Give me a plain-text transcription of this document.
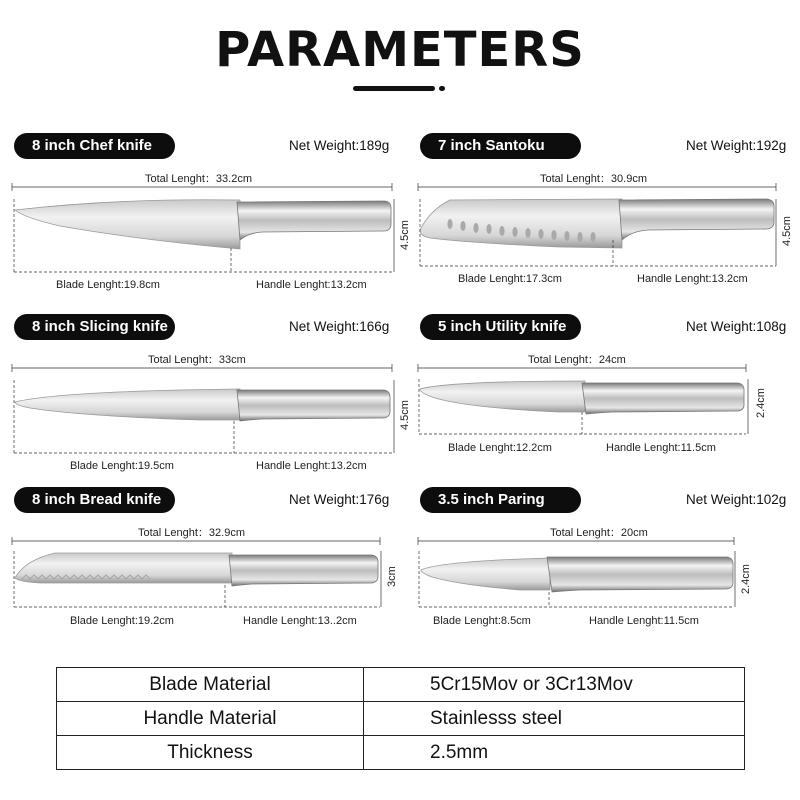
PARAMETERS
8 inch Chef knife	Net Weight:189g
Total Lenght：33.2cm
Blade Lenght:19.8cm	Handle Lenght:13.2cm
4.5cm
7 inch Santoku knife
Net Weight:192g
Total Lenght：30.9cm
Blade Lenght:17.3cm	Handle Lenght:13.2cm
4.5cm
8 inch Slicing knife	Net Weight:166g
Total Lenght：33cm
Blade Lenght:19.5cm	Handle Lenght:13.2cm
4.5cm
5 inch Utility knife	Net Weight:108g
Total Lenght：24cm
Blade Lenght:12.2cm	Handle Lenght:11.5cm
2.4cm
8 inch Bread knife	Net Weight:176g
Total Lenght：32.9cm
Blade Lenght:19.2cm	Handle Lenght:13..2cm
3cm
3.5 inch Paring knife
Net Weight:102g
Total Lenght：20cm
Blade Lenght:8.5cm	Handle Lenght:11.5cm
2.4cm
Blade Material	5Cr15Mov or 3Cr13Mov
Handle Material	Stainlesss steel
Thickness	2.5mm
